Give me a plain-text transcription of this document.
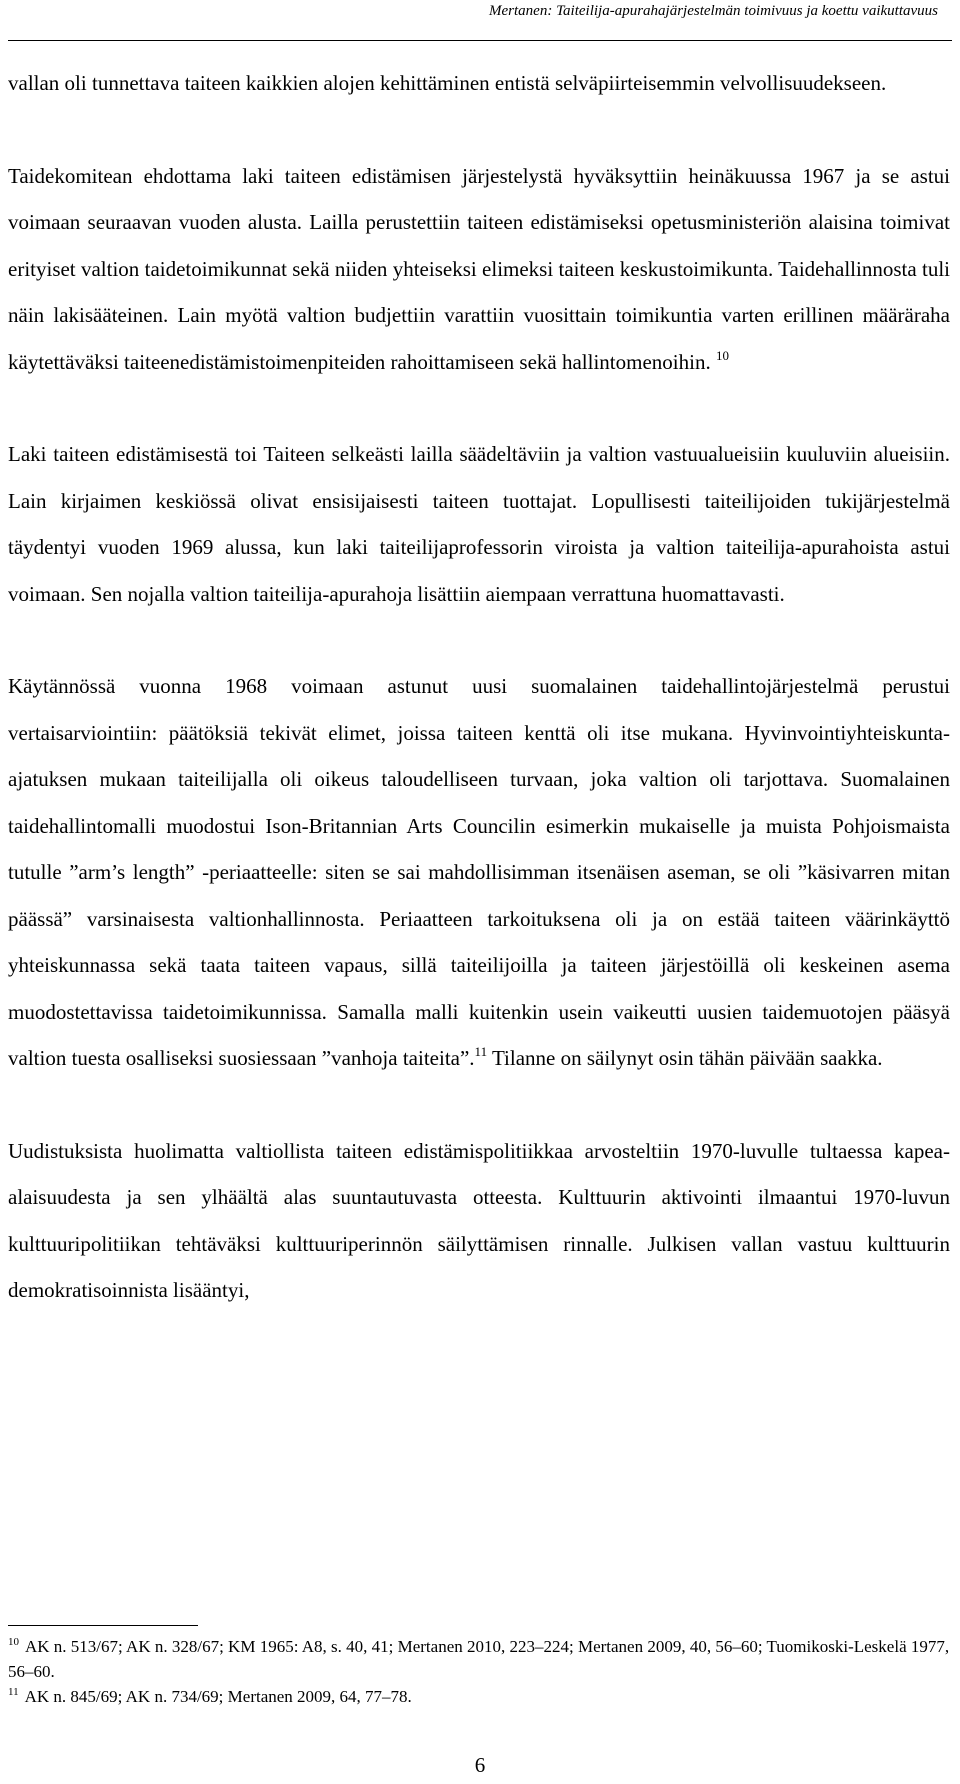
Mertanen: Taiteilija-apurahajärjestelmän toimivuus ja koettu vaikuttavuus

vallan oli tunnettava taiteen kaikkien alojen kehittäminen entistä selväpiirteisemmin velvollisuudekseen.

Taidekomitean ehdottama laki taiteen edistämisen järjestelystä hyväksyttiin heinäkuussa 1967 ja se astui voimaan seuraavan vuoden alusta. Lailla perustettiin taiteen edistämiseksi opetusministeriön alaisina toimivat erityiset valtion taidetoimikunnat sekä niiden yhteiseksi elimeksi taiteen keskustoimikunta. Taidehallinnosta tuli näin lakisääteinen. Lain myötä valtion budjettiin varattiin vuosittain toimikuntia varten erillinen määräraha käytettäväksi taiteenedistämistoimenpiteiden rahoittamiseen sekä hallintomenoihin. $^{10}$

Laki taiteen edistämisestä toi Taiteen selkeästi lailla säädeltäviin ja valtion vastuualueisiin kuuluviin alueisiin. Lain kirjaimen keskiössä olivat ensisijaisesti taiteen tuottajat. Lopullisesti taiteilijoiden tukijärjestelmä täydentyi vuoden 1969 alussa, kun laki taiteilijaprofessorin viroista ja valtion taiteilija-apurahoista astui voimaan. Sen nojalla valtion taiteilija-apurahoja lisättiin aiempaan verrattuna huomattavasti.

Käytännössä vuonna 1968 voimaan astunut uusi suomalainen taidehallintojärjestelmä perustui vertaisarviointiin: päätöksiä tekivät elimet, joissa taiteen kenttä oli itse mukana. Hyvinvointiyhteiskunta-ajatuksen mukaan taiteilijalla oli oikeus taloudelliseen turvaan, joka valtion oli tarjottava. Suomalainen taidehallintomalli muodostui Ison-Britannian Arts Councilin esimerkin mukaiselle ja muista Pohjoismaista tutulle ”arm’s length” -periaatteelle: siten se sai mahdollisimman itsenäisen aseman, se oli ”käsivarren mitan päässä” varsinaisesta valtionhallinnosta. Periaatteen tarkoituksena oli ja on estää taiteen väärinkäyttö yhteiskunnassa sekä taata taiteen vapaus, sillä taiteilijoilla ja taiteen järjestöillä oli keskeinen asema muodostettavissa taidetoimikunnissa. Samalla malli kuitenkin usein vaikeutti uusien taidemuotojen pääsyä valtion tuesta osalliseksi suosiessaan ”vanhoja taiteita”.$^{11}$ Tilanne on säilynyt osin tähän päivään saakka.

Uudistuksista huolimatta valtiollista taiteen edistämispolitiikkaa arvosteltiin 1970-luvulle tultaessa kapea-alaisuudesta ja sen ylhäältä alas suuntautuvasta otteesta. Kulttuurin aktivointi ilmaantui 1970-luvun kulttuuripolitiikan tehtäväksi kulttuuriperinnön säilyttämisen rinnalle. Julkisen vallan vastuu kulttuurin demokratisoinnista lisääntyi,

$^{10}$ AK n. 513/67; AK n. 328/67; KM 1965: A8, s. 40, 41; Mertanen 2010, 223–224; Mertanen 2009, 40, 56–60; Tuomikoski-Leskelä 1977, 56–60.

$^{11}$ AK n. 845/69; AK n. 734/69; Mertanen 2009, 64, 77–78.

6
